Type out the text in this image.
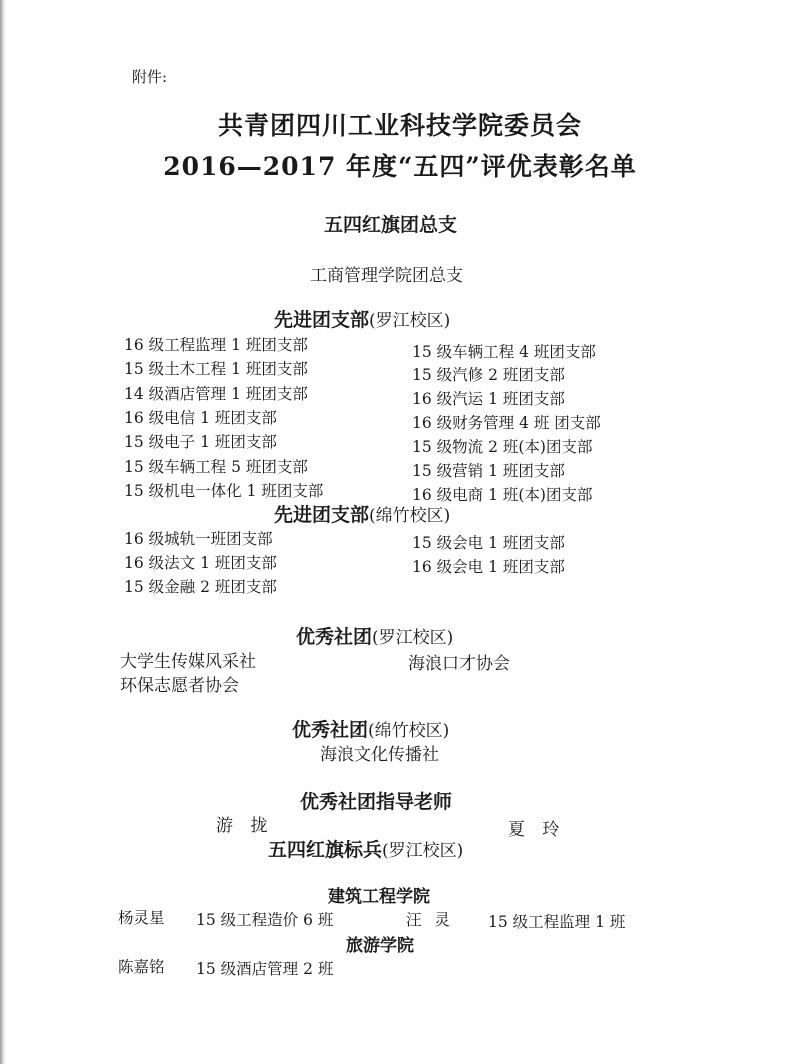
附件:
共青团四川工业科技学院委员会
2016—2017 年度“五四”评优表彰名单
五四红旗团总支
工商管理学院团总支
先进团支部(罗江校区)
16 级工程监理 1 班团支部
15 级土木工程 1 班团支部
14 级酒店管理 1 班团支部
16 级电信 1 班团支部
15 级电子 1 班团支部
15 级车辆工程 5 班团支部
15 级机电一体化 1 班团支部
15 级车辆工程 4 班团支部
15 级汽修 2 班团支部
16 级汽运 1 班团支部
16 级财务管理 4 班 团支部
15 级物流 2 班(本)团支部
15 级营销 1 班团支部
16 级电商 1 班(本)团支部
先进团支部(绵竹校区)
16 级城轨一班团支部
16 级法文 1 班团支部
15 级金融 2 班团支部
15 级会电 1 班团支部
16 级会电 1 班团支部
优秀社团(罗江校区)
大学生传媒风采社
环保志愿者协会
海浪口才协会
优秀社团(绵竹校区)
海浪文化传播社
优秀社团指导老师
游 拢	夏 玲
五四红旗标兵(罗江校区)
建筑工程学院
杨灵星 15 级工程造价 6 班	汪 灵 15 级工程监理 1 班
旅游学院
陈嘉铭 15 级酒店管理 2 班
